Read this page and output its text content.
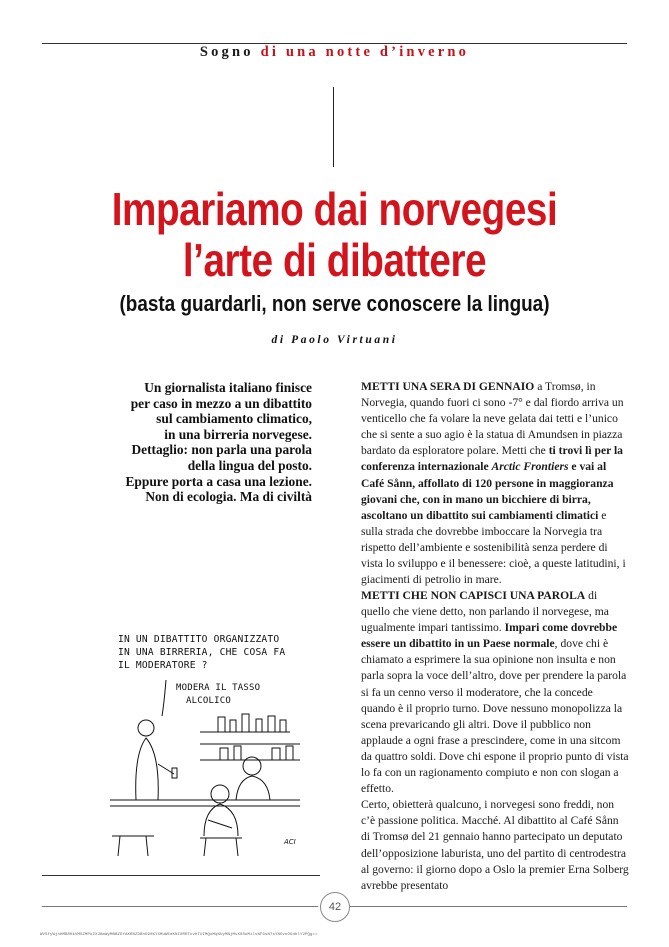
Sogno di una notte d’inverno
Impariamo dai norvegesi
l’arte di dibattere
(basta guardarli, non serve conoscere la lingua)
di Paolo Virtuani
Un giornalista italiano finisce
per caso in mezzo a un dibattito
sul cambiamento climatico,
in una birreria norvegese.
Dettaglio: non parla una parola
della lingua del posto.
Eppure porta a casa una lezione.
Non di ecologia. Ma di civiltà

METTI UNA SERA DI GENNAIO a Tromsø, in Norvegia, quando fuori ci sono -7° e dal fiordo arriva un venticello che fa volare la neve gelata dai tetti e l’unico che si sente a suo agio è la statua di Amundsen in piazza bardato da esploratore polare. Metti che ti trovi lì per la conferenza internazionale Arctic Frontiers e vai al Café Sånn, affollato di 120 persone in maggioranza giovani che, con in mano un bicchiere di birra, ascoltano un dibattito sui cambiamenti climatici e sulla strada che dovrebbe imboccare la Norvegia tra rispetto dell’ambiente e sostenibilità senza perdere di vista lo sviluppo e il benessere: cioè, a queste latitudini, i giacimenti di petrolio in mare.

METTI CHE NON CAPISCI UNA PAROLA di quello che viene detto, non parlando il norvegese, ma ugualmente impari tantissimo. Impari come dovrebbe essere un dibattito in un Paese normale, dove chi è chiamato a esprimere la sua opinione non insulta e non parla sopra la voce dell’altro, dove per prendere la parola si fa un cenno verso il moderatore, che la concede quando è il proprio turno. Dove nessuno monopolizza la scena prevaricando gli altri. Dove il pubblico non applaude a ogni frase a prescindere, come in una sitcom da quattro soldi. Dove chi espone il proprio punto di vista lo fa con un ragionamento compiuto e non con slogan a effetto.

Certo, obietterà qualcuno, i norvegesi sono freddi, non c’è passione politica. Macché. Al dibattito al Café Sånn di Tromsø del 21 gennaio hanno partecipato un deputato dell’opposizione laburista, uno del partito di centrodestra al governo: il giorno dopo a Oslo la premier Erna Solberg avrebbe presentato

IN UN DIBATTITO ORGANIZZATO
IN UNA BIRRERIA, CHE COSA FA
IL MODERATORE ?
MODERA IL TASSO
ALCOLICO
ACI
42
WVSfyWjhHMBRHkVMSZMPkZXJKmWyMBBZDYAKRNZDBhO9XKYXMuWEeKNI0RRTcvHTUIMQoMqNUyMBjMvX0SoMilvNFGsN7oYNOvoOOdblY2PQg==
